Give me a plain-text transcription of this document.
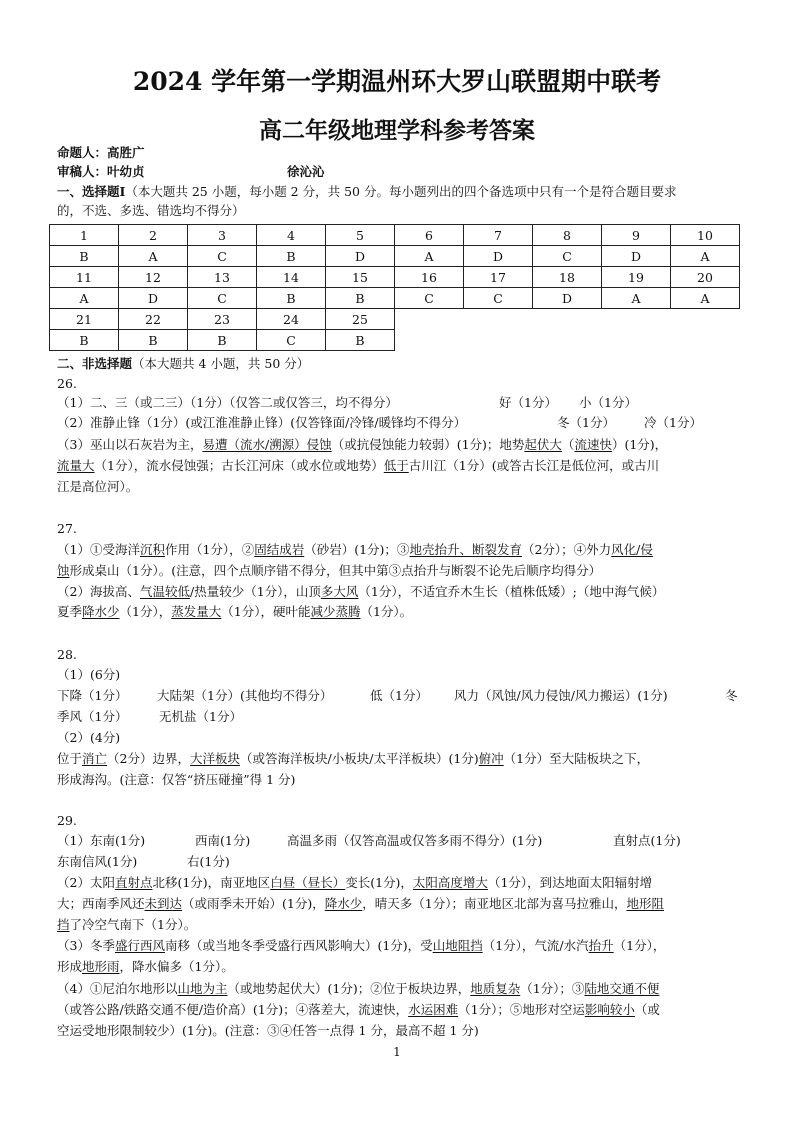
2024 学年第一学期温州环大罗山联盟期中联考
高二年级地理学科参考答案
命题人：高胜广
审稿人：叶幼贞	徐沁沁
一、选择题Ⅰ（本大题共 25 小题，每小题 2 分，共 50 分。每小题列出的四个备选项中只有一个是符合题目要求
的，不选、多选、错选均不得分）
1	2	3	4	5	6	7	8	9	10
B	A	C	B	D	A	D	C	D	A
11	12	13	14	15	16	17	18	19	20
A	D	C	B	B	C	C	D	A	A
21	22	23	24	25					
B	B	B	C	B					
二、非选择题（本大题共 4 小题，共 50 分）
26.
（1）二、三（或二三）（1分）（仅答二或仅答三，均不得分）	好（1分） 小（1分）
（2）准静止锋（1分）(或江淮准静止锋）(仅答锋面/冷锋/暖锋均不得分）	冬（1分） 冷（1分）
（3）巫山以石灰岩为主，易遭（流水/溯源）侵蚀（或抗侵蚀能力较弱）(1分)；地势起伏大（流速快）(1分)，
流量大（1分），流水侵蚀强；古长江河床（或水位或地势）低于古川江（1分）(或答古长江是低位河，或古川
江是高位河）。
27.
（1）①受海洋沉积作用（1分），②固结成岩（砂岩）(1分)；③地壳抬升、断裂发育（2分）；④外力风化/侵
蚀形成桌山（1分）。(注意，四个点顺序错不得分，但其中第③点抬升与断裂不论先后顺序均得分）
（2）海拔高、气温较低/热量较少（1分），山顶多大风（1分），不适宜乔木生长（植株低矮）;（地中海气候）
夏季降水少（1分），蒸发量大（1分），硬叶能减少蒸腾（1分）。
28.
（1）(6分)
下降（1分） 大陆架（1分）(其他均不得分）	低（1分） 风力（风蚀/风力侵蚀/风力搬运）(1分)	冬
季风（1分）	无机盐（1分）
（2）(4分)
位于消亡（2分）边界，大洋板块（或答海洋板块/小板块/太平洋板块）(1分)俯冲（1分）至大陆板块之下，
形成海沟。(注意：仅答“挤压碰撞”得 1 分)
29.
（1）东南(1分)	西南(1分)	高温多雨（仅答高温或仅答多雨不得分）(1分)	直射点(1分)
东南信风(1分)	右(1分)
（2）太阳直射点北移(1分)，南亚地区白昼（昼长）变长(1分)，太阳高度增大（1分），到达地面太阳辐射增
大；西南季风还未到达（或雨季未开始）(1分)，降水少，晴天多（1分）；南亚地区北部为喜马拉雅山，地形阻
挡了冷空气南下（1分）。
（3）冬季盛行西风南移（或当地冬季受盛行西风影响大）(1分)，受山地阻挡（1分），气流/水汽抬升（1分），
形成地形雨，降水偏多（1分）。
（4）①尼泊尔地形以山地为主（或地势起伏大）(1分)；②位于板块边界，地质复杂（1分）；③陆地交通不便
（或答公路/铁路交通不便/造价高）(1分)；④落差大，流速快，水运困难（1分）；⑤地形对空运影响较小（或
空运受地形限制较少）(1分)。(注意：③④任答一点得 1 分，最高不超 1 分)
1
